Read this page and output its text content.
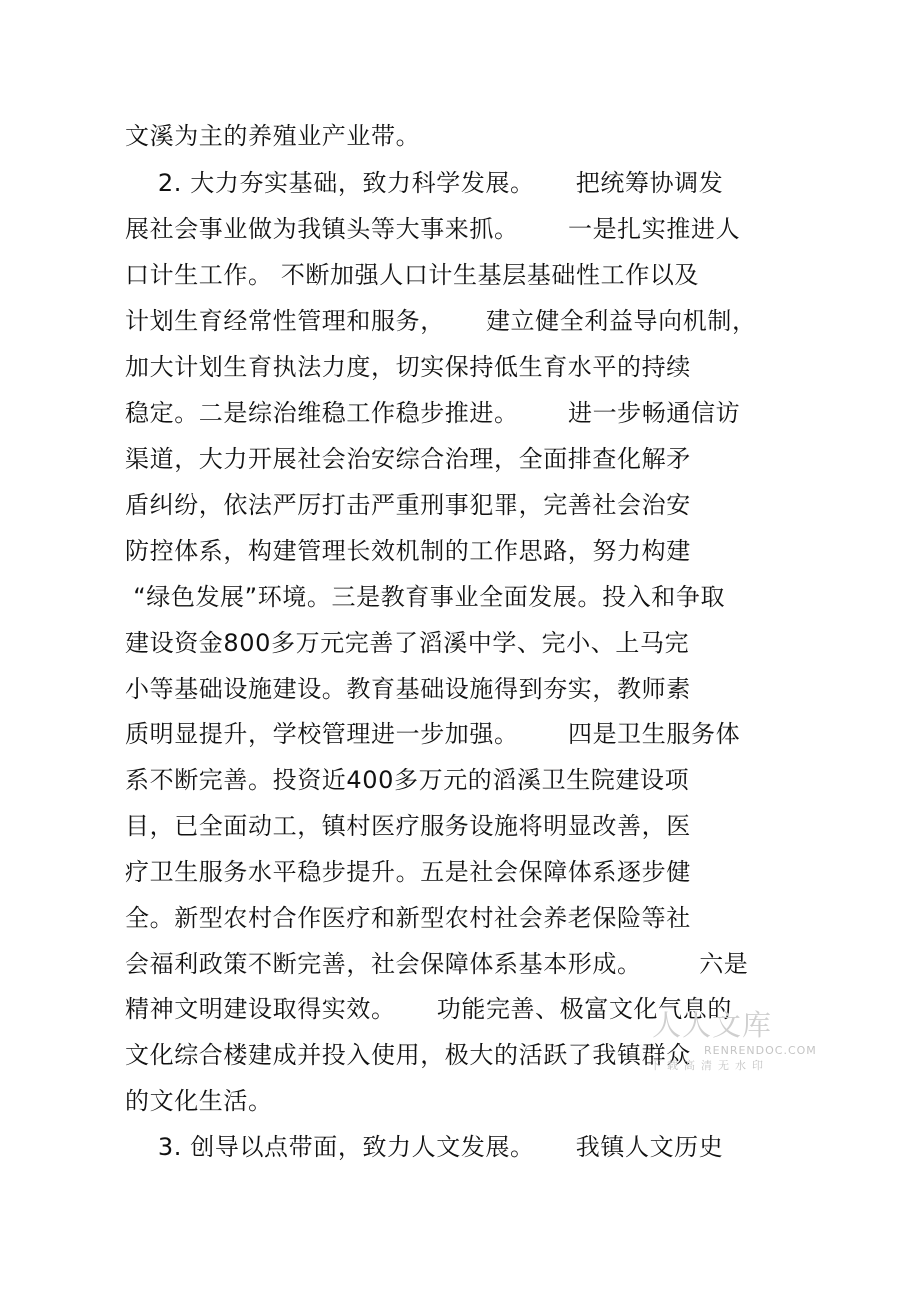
文溪为主的养殖业产业带。
2. 大力夯实基础，致力科学发展。     把统筹协调发
展社会事业做为我镇头等大事来抓。      一是扎实推进人
口计生工作。 不断加强人口计生基层基础性工作以及
计划生育经常性管理和服务，     建立健全利益导向机制，
加大计划生育执法力度，切实保持低生育水平的持续
稳定。二是综治维稳工作稳步推进。      进一步畅通信访
渠道，大力开展社会治安综合治理，全面排查化解矛
盾纠纷，依法严厉打击严重刑事犯罪，完善社会治安
防控体系，构建管理长效机制的工作思路，努力构建
“绿色发展”环境。三是教育事业全面发展。投入和争取
建设资金800多万元完善了滔溪中学、完小、上马完
小等基础设施建设。教育基础设施得到夯实，教师素
质明显提升，学校管理进一步加强。      四是卫生服务体
系不断完善。投资近400多万元的滔溪卫生院建设项
目，已全面动工，镇村医疗服务设施将明显改善，医
疗卫生服务水平稳步提升。五是社会保障体系逐步健
全。新型农村合作医疗和新型农村社会养老保险等社
会福利政策不断完善，社会保障体系基本形成。       六是
精神文明建设取得实效。     功能完善、极富文化气息的
文化综合楼建成并投入使用，极大的活跃了我镇群众
的文化生活。
3. 创导以点带面，致力人文发展。     我镇人文历史
人人文库
RENRENDOC.COM
下载高清无水印
